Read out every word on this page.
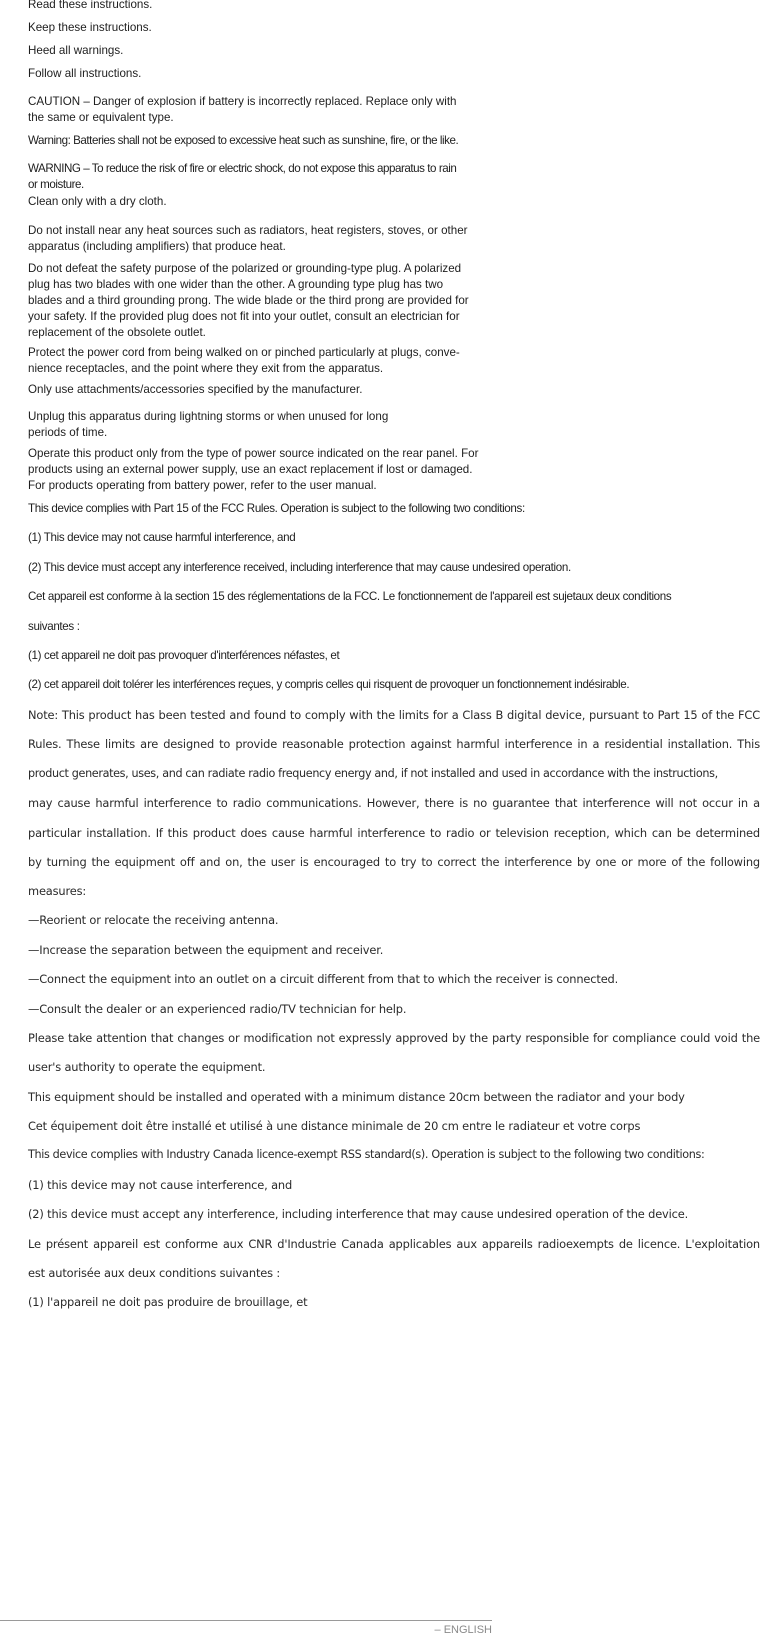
Read these instructions.
Keep these instructions.
Heed all warnings.
Follow all instructions.
CAUTION – Danger of explosion if battery is incorrectly replaced. Replace only with
the same or equivalent type.
Warning: Batteries shall not be exposed to excessive heat such as sunshine, fire, or the like.
WARNING – To reduce the risk of fire or electric shock, do not expose this apparatus to rain
or moisture.
Clean only with a dry cloth.
Do not install near any heat sources such as radiators, heat registers, stoves, or other
apparatus (including amplifiers) that produce heat.
Do not defeat the safety purpose of the polarized or grounding-type plug. A polarized
plug has two blades with one wider than the other. A grounding type plug has two
blades and a third grounding prong. The wide blade or the third prong are provided for
your safety. If the provided plug does not fit into your outlet, consult an electrician for
replacement of the obsolete outlet.
Protect the power cord from being walked on or pinched particularly at plugs, conve-
nience receptacles, and the point where they exit from the apparatus.
Only use attachments/accessories specified by the manufacturer.
Unplug this apparatus during lightning storms or when unused for long
periods of time.
Operate this product only from the type of power source indicated on the rear panel. For
products using an external power supply, use an exact replacement if lost or damaged.
For products operating from battery power, refer to the user manual.
This device complies with Part 15 of the FCC Rules. Operation is subject to the following two conditions:
(1) This device may not cause harmful interference, and
(2) This device must accept any interference received, including interference that may cause undesired operation.
Cet appareil est conforme à la section 15 des réglementations de la FCC. Le fonctionnement de l'appareil est sujetaux deux conditions
suivantes :
(1) cet appareil ne doit pas provoquer d'interférences néfastes, et
(2) cet appareil doit tolérer les interférences reçues, y compris celles qui risquent de provoquer un fonctionnement indésirable.
Note: This product has been tested and found to comply with the limits for a Class B digital device, pursuant to Part 15 of the FCC
Rules. These limits are designed to provide reasonable protection against harmful interference in a residential installation. This
product generates, uses, and can radiate radio frequency energy and, if not installed and used in accordance with the instructions,
may cause harmful interference to radio communications. However, there is no guarantee that interference will not occur in a
particular installation. If this product does cause harmful interference to radio or television reception, which can be determined
by turning the equipment off and on, the user is encouraged to try to correct the interference by one or more of the following
measures:
—Reorient or relocate the receiving antenna.
—Increase the separation between the equipment and receiver.
—Connect the equipment into an outlet on a circuit different from that to which the receiver is connected.
—Consult the dealer or an experienced radio/TV technician for help.
Please take attention that changes or modification not expressly approved by the party responsible for compliance could void the
user's authority to operate the equipment.
This equipment should be installed and operated with a minimum distance 20cm between the radiator and your body
Cet équipement doit être installé et utilisé à une distance minimale de 20 cm entre le radiateur et votre corps
This device complies with Industry Canada licence-exempt RSS standard(s). Operation is subject to the following two conditions:
(1) this device may not cause interference, and
(2) this device must accept any interference, including interference that may cause undesired operation of the device.
Le présent appareil est conforme aux CNR d'Industrie Canada applicables aux appareils radioexempts de licence. L'exploitation
est autorisée aux deux conditions suivantes :
(1) l'appareil ne doit pas produire de brouillage, et
– ENGLISH
